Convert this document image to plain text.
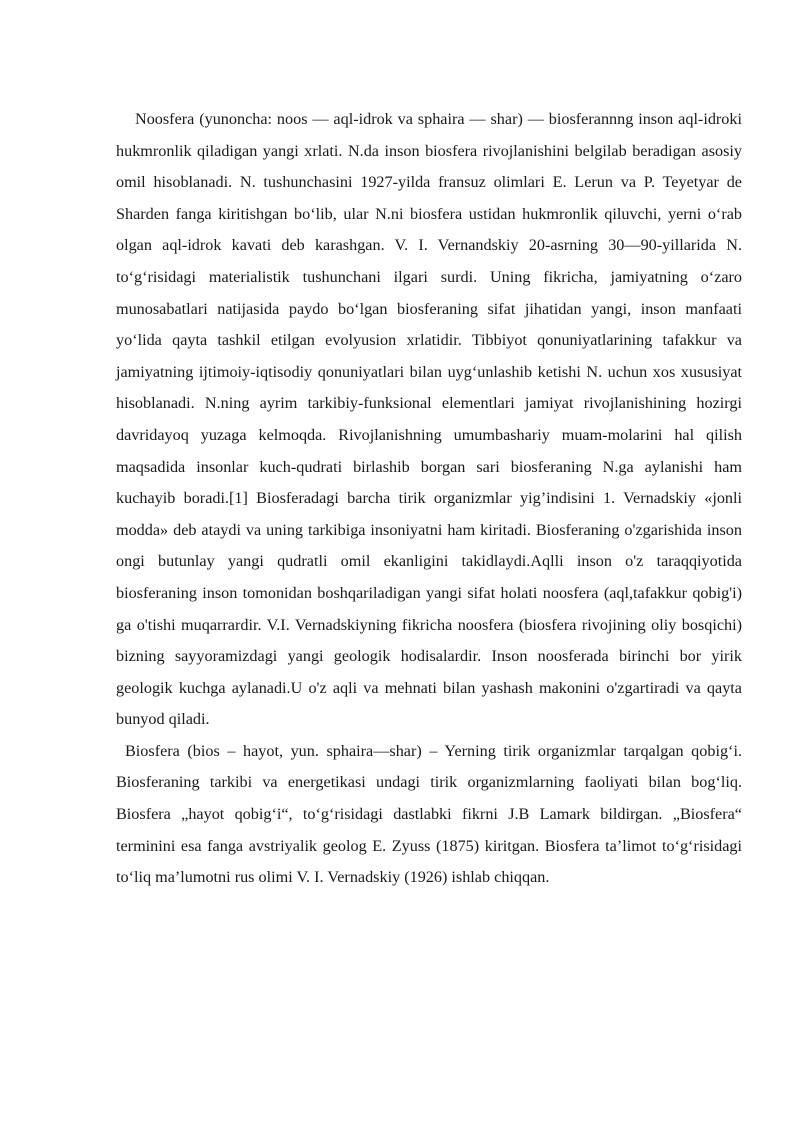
Noosfera (yunoncha: noos — aql-idrok va sphaira — shar) — biosferannng inson aql-idroki hukmronlik qiladigan yangi xrlati. N.da inson biosfera rivojlanishini belgilab beradigan asosiy omil hisoblanadi. N. tushunchasini 1927-yilda fransuz olimlari E. Lerun va P. Teyetyar de Sharden fanga kiritishgan bo‘lib, ular N.ni biosfera ustidan hukmronlik qiluvchi, yerni o‘rab olgan aql-idrok kavati deb karashgan. V. I. Vernandskiy 20-asrning 30—90-yillarida N. to‘g‘risidagi materialistik tushunchani ilgari surdi. Uning fikricha, jamiyatning o‘zaro munosabatlari natijasida paydo bo‘lgan biosferaning sifat jihatidan yangi, inson manfaati yo‘lida qayta tashkil etilgan evolyusion xrlatidir. Tibbiyot qonuniyatlarining tafakkur va jamiyatning ijtimoiy-iqtisodiy qonuniyatlari bilan uyg‘unlashib ketishi N. uchun xos xususiyat hisoblanadi. N.ning ayrim tarkibiy-funksional elementlari jamiyat rivojlanishining hozirgi davridayoq yuzaga kelmoqda. Rivojlanishning umumbashariy muam-molarini hal qilish maqsadida insonlar kuch-qudrati birlashib borgan sari biosferaning N.ga aylanishi ham kuchayib boradi.[1] Biosferadagi barcha tirik organizmlar yig’indisini 1. Vernadskiy «jonli modda» deb ataydi va uning tarkibiga insoniyatni ham kiritadi. Biosferaning o'zgarishida inson ongi butunlay yangi qudratli omil ekanligini takidlaydi.Aqlli inson o'z taraqqiyotida biosferaning inson tomonidan boshqariladigan yangi sifat holati noosfera (aql,tafakkur qobig'i) ga o'tishi muqarrardir. V.I. Vernadskiyning fikricha noosfera (biosfera rivojining oliy bosqichi) bizning sayyoramizdagi yangi geologik hodisalardir. Inson noosferada birinchi bor yirik geologik kuchga aylanadi.U o'z aqli va mehnati bilan yashash makonini o'zgartiradi va qayta bunyod qiladi.

Biosfera (bios – hayot, yun. sphaira—shar) – Yerning tirik organizmlar tarqalgan qobig‘i. Biosferaning tarkibi va energetikasi undagi tirik organizmlarning faoliyati bilan bog‘liq. Biosfera „hayot qobig‘i“, to‘g‘risidagi dastlabki fikrni J.B Lamark bildirgan. „Biosfera“ terminini esa fanga avstriyalik geolog E. Zyuss (1875) kiritgan. Biosfera ta’limot to‘g‘risidagi to‘liq ma’lumotni rus olimi V. I. Vernadskiy (1926) ishlab chiqqan.
